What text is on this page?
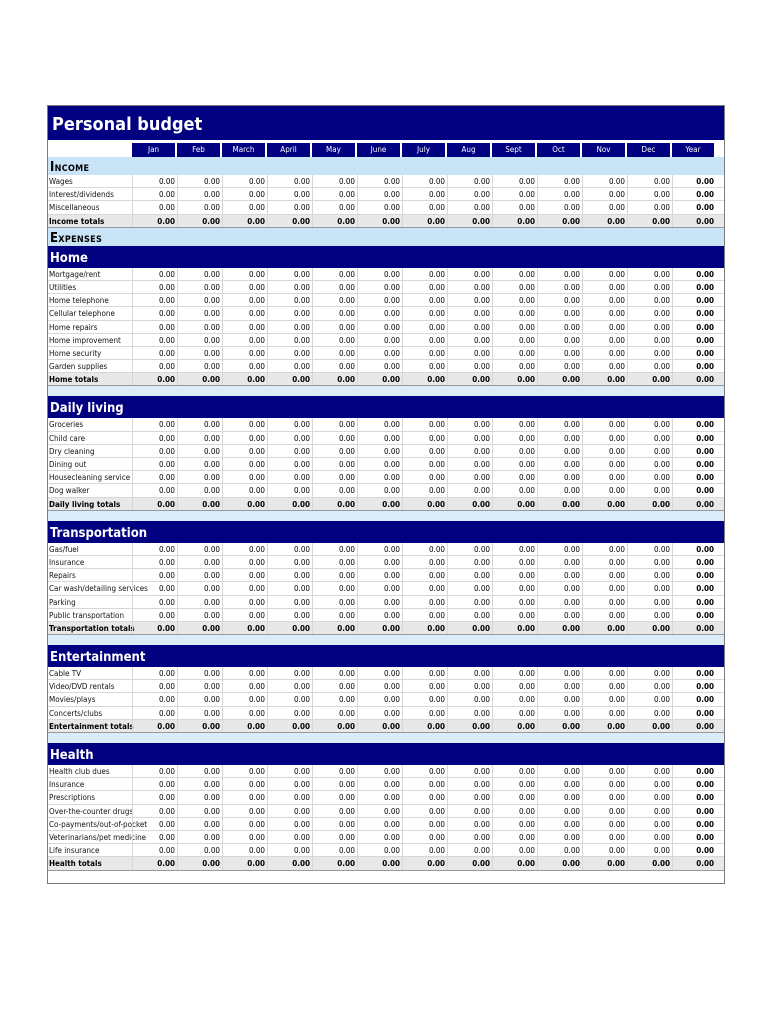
Personal budget
Jan	Feb	March	April	May	June	July	Aug	Sept	Oct	Nov	Dec	Year
INCOME
Wages	0.00	0.00	0.00	0.00	0.00	0.00	0.00	0.00	0.00	0.00	0.00	0.00	0.00
Interest/dividends	0.00	0.00	0.00	0.00	0.00	0.00	0.00	0.00	0.00	0.00	0.00	0.00	0.00
Miscellaneous	0.00	0.00	0.00	0.00	0.00	0.00	0.00	0.00	0.00	0.00	0.00	0.00	0.00
Income totals	0.00	0.00	0.00	0.00	0.00	0.00	0.00	0.00	0.00	0.00	0.00	0.00	0.00
EXPENSES
Home
Mortgage/rent	0.00	0.00	0.00	0.00	0.00	0.00	0.00	0.00	0.00	0.00	0.00	0.00	0.00
Utilities	0.00	0.00	0.00	0.00	0.00	0.00	0.00	0.00	0.00	0.00	0.00	0.00	0.00
Home telephone	0.00	0.00	0.00	0.00	0.00	0.00	0.00	0.00	0.00	0.00	0.00	0.00	0.00
Cellular telephone	0.00	0.00	0.00	0.00	0.00	0.00	0.00	0.00	0.00	0.00	0.00	0.00	0.00
Home repairs	0.00	0.00	0.00	0.00	0.00	0.00	0.00	0.00	0.00	0.00	0.00	0.00	0.00
Home improvement	0.00	0.00	0.00	0.00	0.00	0.00	0.00	0.00	0.00	0.00	0.00	0.00	0.00
Home security	0.00	0.00	0.00	0.00	0.00	0.00	0.00	0.00	0.00	0.00	0.00	0.00	0.00
Garden supplies	0.00	0.00	0.00	0.00	0.00	0.00	0.00	0.00	0.00	0.00	0.00	0.00	0.00
Home totals	0.00	0.00	0.00	0.00	0.00	0.00	0.00	0.00	0.00	0.00	0.00	0.00	0.00
Daily living
Groceries	0.00	0.00	0.00	0.00	0.00	0.00	0.00	0.00	0.00	0.00	0.00	0.00	0.00
Child care	0.00	0.00	0.00	0.00	0.00	0.00	0.00	0.00	0.00	0.00	0.00	0.00	0.00
Dry cleaning	0.00	0.00	0.00	0.00	0.00	0.00	0.00	0.00	0.00	0.00	0.00	0.00	0.00
Dining out	0.00	0.00	0.00	0.00	0.00	0.00	0.00	0.00	0.00	0.00	0.00	0.00	0.00
Housecleaning service	0.00	0.00	0.00	0.00	0.00	0.00	0.00	0.00	0.00	0.00	0.00	0.00	0.00
Dog walker	0.00	0.00	0.00	0.00	0.00	0.00	0.00	0.00	0.00	0.00	0.00	0.00	0.00
Daily living totals	0.00	0.00	0.00	0.00	0.00	0.00	0.00	0.00	0.00	0.00	0.00	0.00	0.00
Transportation
Gas/fuel	0.00	0.00	0.00	0.00	0.00	0.00	0.00	0.00	0.00	0.00	0.00	0.00	0.00
Insurance	0.00	0.00	0.00	0.00	0.00	0.00	0.00	0.00	0.00	0.00	0.00	0.00	0.00
Repairs	0.00	0.00	0.00	0.00	0.00	0.00	0.00	0.00	0.00	0.00	0.00	0.00	0.00
Car wash/detailing services	0.00	0.00	0.00	0.00	0.00	0.00	0.00	0.00	0.00	0.00	0.00	0.00	0.00
Parking	0.00	0.00	0.00	0.00	0.00	0.00	0.00	0.00	0.00	0.00	0.00	0.00	0.00
Public transportation	0.00	0.00	0.00	0.00	0.00	0.00	0.00	0.00	0.00	0.00	0.00	0.00	0.00
Transportation totals	0.00	0.00	0.00	0.00	0.00	0.00	0.00	0.00	0.00	0.00	0.00	0.00	0.00
Entertainment
Cable TV	0.00	0.00	0.00	0.00	0.00	0.00	0.00	0.00	0.00	0.00	0.00	0.00	0.00
Video/DVD rentals	0.00	0.00	0.00	0.00	0.00	0.00	0.00	0.00	0.00	0.00	0.00	0.00	0.00
Movies/plays	0.00	0.00	0.00	0.00	0.00	0.00	0.00	0.00	0.00	0.00	0.00	0.00	0.00
Concerts/clubs	0.00	0.00	0.00	0.00	0.00	0.00	0.00	0.00	0.00	0.00	0.00	0.00	0.00
Entertainment totals	0.00	0.00	0.00	0.00	0.00	0.00	0.00	0.00	0.00	0.00	0.00	0.00	0.00
Health
Health club dues	0.00	0.00	0.00	0.00	0.00	0.00	0.00	0.00	0.00	0.00	0.00	0.00	0.00
Insurance	0.00	0.00	0.00	0.00	0.00	0.00	0.00	0.00	0.00	0.00	0.00	0.00	0.00
Prescriptions	0.00	0.00	0.00	0.00	0.00	0.00	0.00	0.00	0.00	0.00	0.00	0.00	0.00
Over-the-counter drugs	0.00	0.00	0.00	0.00	0.00	0.00	0.00	0.00	0.00	0.00	0.00	0.00	0.00
Co-payments/out-of-pocket	0.00	0.00	0.00	0.00	0.00	0.00	0.00	0.00	0.00	0.00	0.00	0.00	0.00
Veterinarians/pet medicine	0.00	0.00	0.00	0.00	0.00	0.00	0.00	0.00	0.00	0.00	0.00	0.00	0.00
Life insurance	0.00	0.00	0.00	0.00	0.00	0.00	0.00	0.00	0.00	0.00	0.00	0.00	0.00
Health totals	0.00	0.00	0.00	0.00	0.00	0.00	0.00	0.00	0.00	0.00	0.00	0.00	0.00
